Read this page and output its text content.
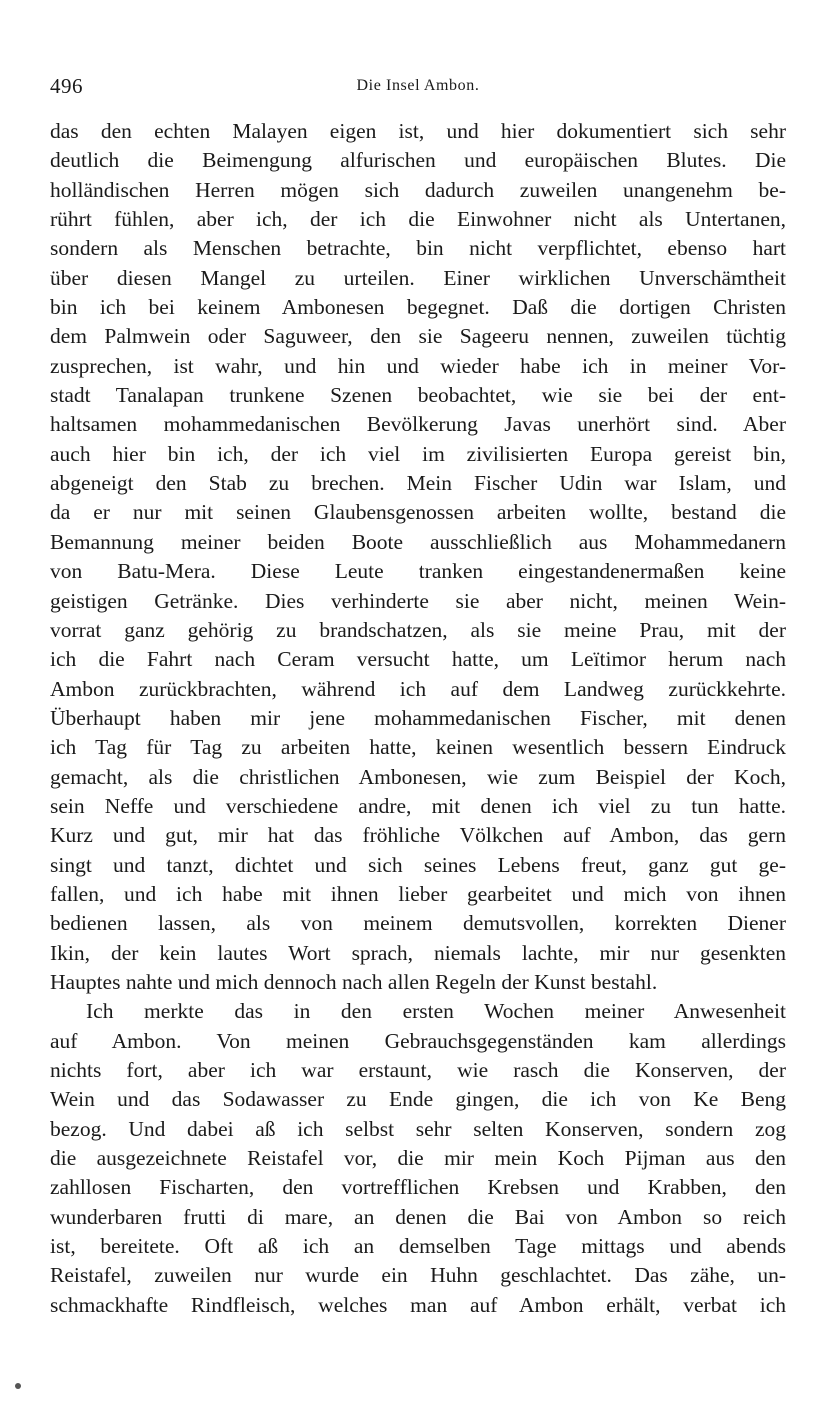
496	Die Insel Ambon.
das den echten Malayen eigen ist, und hier dokumentiert sich sehr
deutlich die Beimengung alfurischen und europäischen Blutes. Die
holländischen Herren mögen sich dadurch zuweilen unangenehm be-
rührt fühlen, aber ich, der ich die Einwohner nicht als Untertanen,
sondern als Menschen betrachte, bin nicht verpflichtet, ebenso hart
über diesen Mangel zu urteilen. Einer wirklichen Unverschämtheit
bin ich bei keinem Ambonesen begegnet. Daß die dortigen Christen
dem Palmwein oder Saguweer, den sie Sageeru nennen, zuweilen tüchtig
zusprechen, ist wahr, und hin und wieder habe ich in meiner Vor-
stadt Tanalapan trunkene Szenen beobachtet, wie sie bei der ent-
haltsamen mohammedanischen Bevölkerung Javas unerhört sind. Aber
auch hier bin ich, der ich viel im zivilisierten Europa gereist bin,
abgeneigt den Stab zu brechen. Mein Fischer Udin war Islam, und
da er nur mit seinen Glaubensgenossen arbeiten wollte, bestand die
Bemannung meiner beiden Boote ausschließlich aus Mohammedanern
von Batu-Mera. Diese Leute tranken eingestandenermaßen keine
geistigen Getränke. Dies verhinderte sie aber nicht, meinen Wein-
vorrat ganz gehörig zu brandschatzen, als sie meine Prau, mit der
ich die Fahrt nach Ceram versucht hatte, um Leïtimor herum nach
Ambon zurückbrachten, während ich auf dem Landweg zurückkehrte.
Überhaupt haben mir jene mohammedanischen Fischer, mit denen
ich Tag für Tag zu arbeiten hatte, keinen wesentlich bessern Eindruck
gemacht, als die christlichen Ambonesen, wie zum Beispiel der Koch,
sein Neffe und verschiedene andre, mit denen ich viel zu tun hatte.
Kurz und gut, mir hat das fröhliche Völkchen auf Ambon, das gern
singt und tanzt, dichtet und sich seines Lebens freut, ganz gut ge-
fallen, und ich habe mit ihnen lieber gearbeitet und mich von ihnen
bedienen lassen, als von meinem demutsvollen, korrekten Diener
Ikin, der kein lautes Wort sprach, niemals lachte, mir nur gesenkten
Hauptes nahte und mich dennoch nach allen Regeln der Kunst bestahl.
Ich merkte das in den ersten Wochen meiner Anwesenheit
auf Ambon. Von meinen Gebrauchsgegenständen kam allerdings
nichts fort, aber ich war erstaunt, wie rasch die Konserven, der
Wein und das Sodawasser zu Ende gingen, die ich von Ke Beng
bezog. Und dabei aß ich selbst sehr selten Konserven, sondern zog
die ausgezeichnete Reistafel vor, die mir mein Koch Pijman aus den
zahllosen Fischarten, den vortrefflichen Krebsen und Krabben, den
wunderbaren frutti di mare, an denen die Bai von Ambon so reich
ist, bereitete. Oft aß ich an demselben Tage mittags und abends
Reistafel, zuweilen nur wurde ein Huhn geschlachtet. Das zähe, un-
schmackhafte Rindfleisch, welches man auf Ambon erhält, verbat ich
